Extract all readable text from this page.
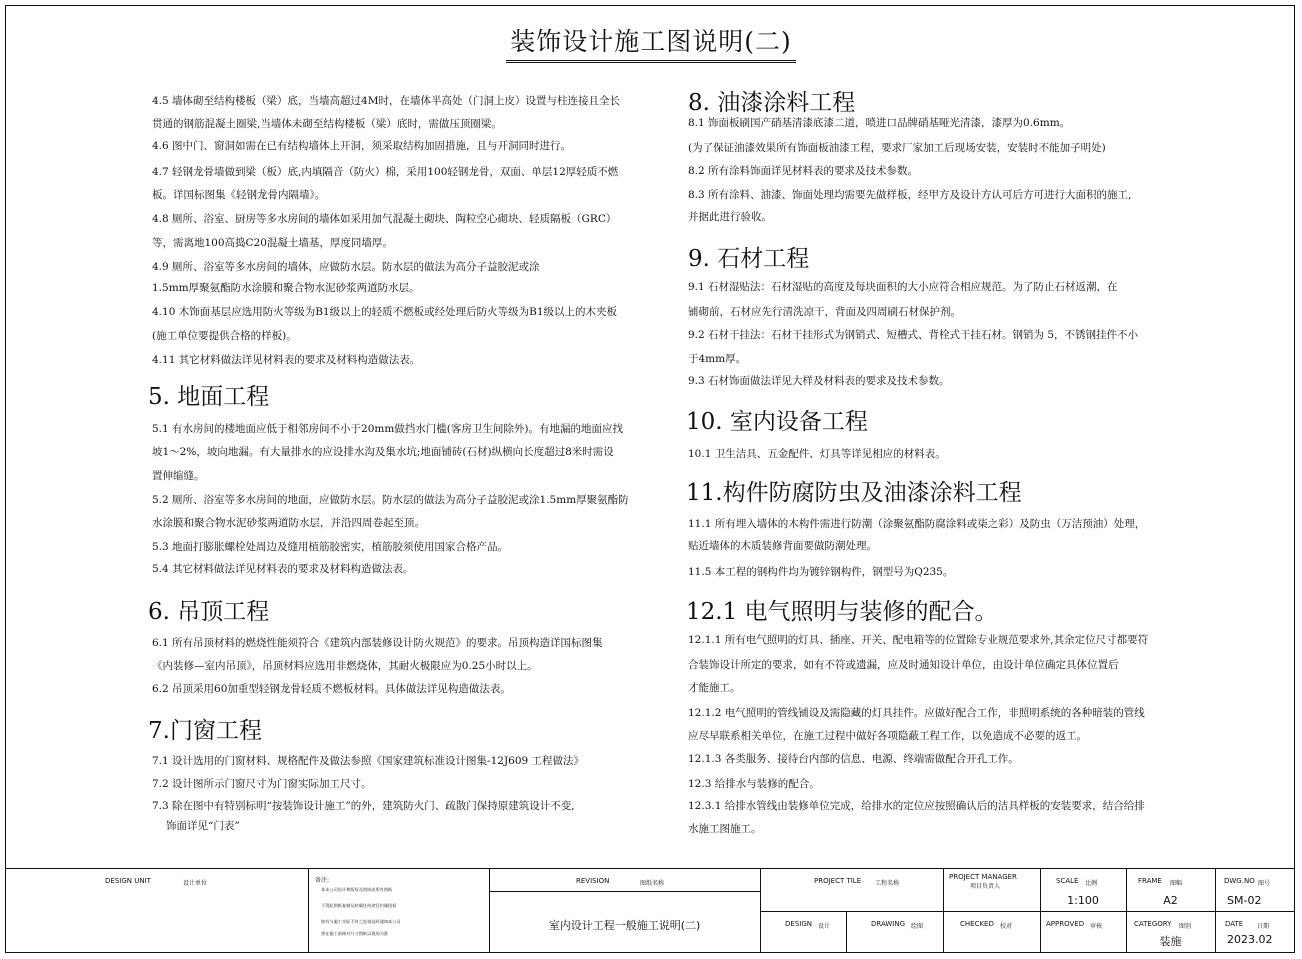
装饰设计施工图说明(二)
4.5 墙体砌至结构楼板（梁）底，当墙高超过4M时，在墙体半高处（门洞上皮）设置与柱连接且全长
贯通的钢筋混凝土圈梁,当墙体未砌至结构楼板（梁）底时，需做压顶圈梁。
4.6 图中门、窗洞如需在已有结构墙体上开洞，须采取结构加固措施，且与开洞同时进行。
4.7 轻钢龙骨墙做到梁（板）底,内填隔音（防火）棉，采用100轻钢龙骨，双面、单层12厚轻质不燃
板。详国标图集《轻钢龙骨内隔墙》。
4.8 厕所、浴室、厨房等多水房间的墙体如采用加气混凝土砌块、陶粒空心砌块、轻质隔板（GRC）
等，需离地100高捣C20混凝土墙基，厚度同墙厚。
4.9 厕所、浴室等多水房间的墙体，应做防水层。防水层的做法为高分子益胶泥或涂
1.5mm厚聚氨酯防水涂膜和聚合物水泥砂浆两道防水层。
4.10 木饰面基层应选用防火等级为B1级以上的轻质不燃板或经处理后防火等级为B1级以上的木夹板
(施工单位要提供合格的样板)。
4.11 其它材料做法详见材料表的要求及材料构造做法表。
5. 地面工程
5.1 有水房间的楼地面应低于相邻房间不小于20mm做挡水门槛(客房卫生间除外)。有地漏的地面应找
坡1～2%，坡向地漏。有大量排水的应设排水沟及集水坑;地面铺砖(石材)纵横向长度超过8米时需设
置伸缩缝。
5.2 厕所、浴室等多水房间的地面，应做防水层。防水层的做法为高分子益胶泥或涂1.5mm厚聚氨酯防
水涂膜和聚合物水泥砂浆两道防水层，并沿四周卷起至顶。
5.3 地面打膨胀螺栓处周边及缝用植筋胶密实，植筋胶须使用国家合格产品。
5.4 其它材料做法详见材料表的要求及材料构造做法表。
6. 吊顶工程
6.1 所有吊顶材料的燃烧性能须符合《建筑内部装修设计防火规范》的要求。吊顶构造详国标图集
《内装修—室内吊顶》，吊顶材料应选用非燃烧体，其耐火极限应为0.25小时以上。
6.2 吊顶采用60加重型轻钢龙骨轻质不燃板材料。具体做法详见构造做法表。
7.门窗工程
7.1 设计选用的门窗材料、规格配件及做法参照《国家建筑标准设计图集-12J609 工程做法》
7.2 设计图所示门窗尺寸为门窗实际加工尺寸。
7.3 除在图中有特别标明“按装饰设计施工”的外，建筑防火门、疏散门保持原建筑设计不变,
饰面详见“门表”
8. 油漆涂料工程
8.1 饰面板刷国产硝基清漆底漆二道，喷进口品牌硝基哑光清漆，漆厚为0.6mm。
(为了保证油漆效果所有饰面板油漆工程，要求厂家加工后现场安装，安装时不能加子明处)
8.2 所有涂料饰面详见材料表的要求及技术参数。
8.3 所有涂料、油漆、饰面处理均需要先做样板，经甲方及设计方认可后方可进行大面积的施工,
并据此进行验收。
9. 石材工程
9.1 石材湿贴法：石材湿贴的高度及每块面积的大小应符合相应规范。为了防止石材返潮，在
铺砌前，石材应先行清洗凉干，背面及四周刷石材保护剂。
9.2 石材干挂法：石材干挂形式为钢销式、短槽式、背栓式干挂石材。钢销为 5，不锈钢挂件不小
于4mm厚。
9.3 石材饰面做法详见大样及材料表的要求及技术参数。
10. 室内设备工程
10.1 卫生洁具、五金配件、灯具等详见相应的材料表。
11.构件防腐防虫及油漆涂料工程
11.1 所有埋入墙体的木构件需进行防潮（涂聚氨酯防腐涂料或柒之彩）及防虫（万洁预油）处理，
贴近墙体的木质装修背面要做防潮处理。
11.5 本工程的钢构件均为镀锌钢构件，钢型号为Q235。
12.1 电气照明与装修的配合。
12.1.1 所有电气照明的灯具、插座、开关、配电箱等的位置除专业规范要求外,其余定位尺寸都要符
合装饰设计所定的要求，如有不符或遗漏，应及时通知设计单位，由设计单位确定具体位置后
才能施工。
12.1.2 电气照明的管线铺设及需隐藏的灯具挂件。应做好配合工作，非照明系统的各种暗装的管线
应尽早联系相关单位，在施工过程中做好各项隐蔽工程工作，以免造成不必要的返工。
12.1.3 各类服务、接待台内部的信息、电源、终端需做配合开孔工作。
12.3 给排水与装修的配合。
12.3.1 给排水管线由装修单位完成，给排水的定位应按照确认后的洁具样板的安装要求，结合给排
水施工图施工。
DESIGN UNIT	设计单位	备注:
本未公司设计和版权及图纸由所有图纸
不得此图纸复制及转载任何途径均属侵权
如有与施工实际不符之处请及时通知本公司
须在施工前核对尺寸图纸以现场为准
REVISION	图纸名称
室内设计工程一般施工说明(二)
PROJECT TILE 工程名称
PROJECT MANAGER
项目负责人
SCALE 比例
1:100
FRAME 图幅
A2
DWG.NO 图号
SM-02
DESIGN 设计	DRAWING 绘图	CHECKED 校对	APPROVED 审核	CATEGORY 图别
装施
DATE 日期
2023.02
